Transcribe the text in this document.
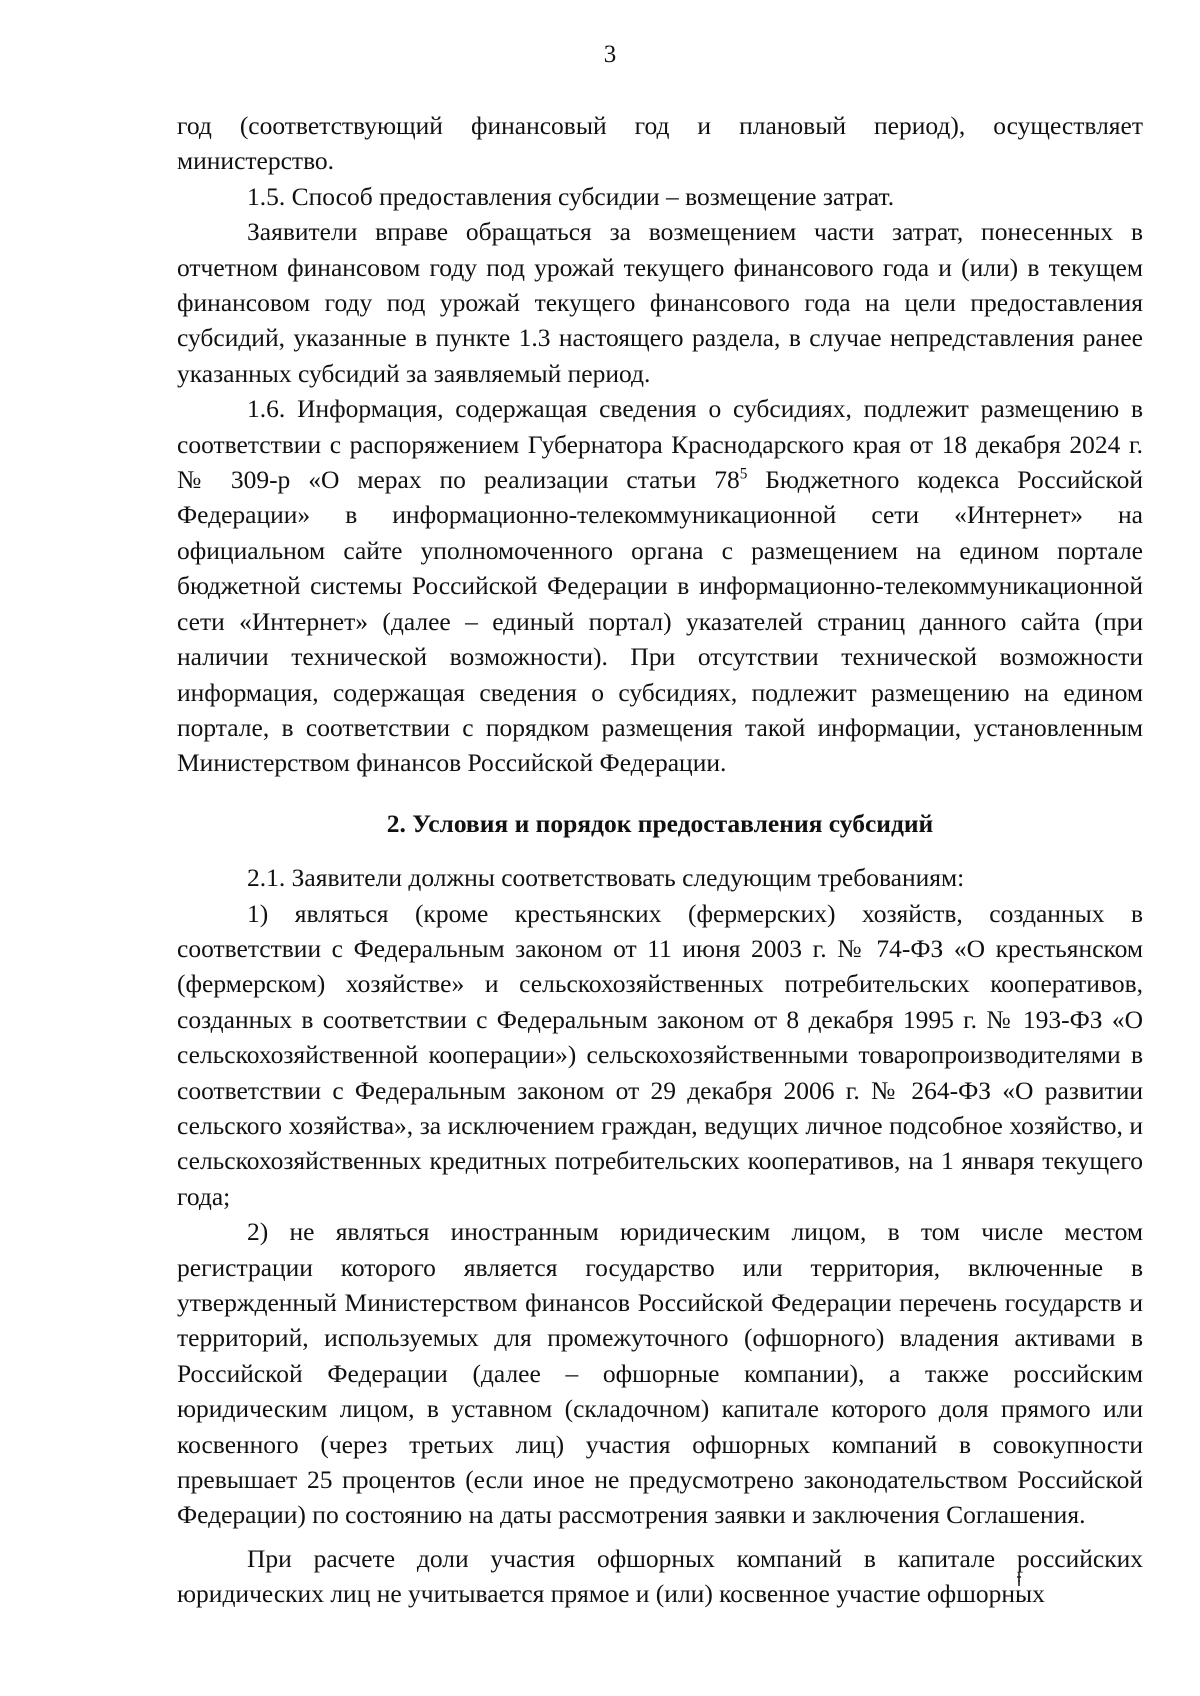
3

год (соответствующий финансовый год и плановый период), осуществляет министерство.

1.5. Способ предоставления субсидии – возмещение затрат.

Заявители вправе обращаться за возмещением части затрат, понесенных в отчетном финансовом году под урожай текущего финансового года и (или) в текущем финансовом году под урожай текущего финансового года на цели предоставления субсидий, указанные в пункте 1.3 настоящего раздела, в случае непредставления ранее указанных субсидий за заявляемый период.

1.6. Информация, содержащая сведения о субсидиях, подлежит размещению в соответствии с распоряжением Губернатора Краснодарского края от 18 декабря 2024 г. № 309-р «О мерах по реализации статьи $78^5$ Бюджетного кодекса Российской Федерации» в информационно-телекоммуникационной сети «Интернет» на официальном сайте уполномоченного органа с размещением на едином портале бюджетной системы Российской Федерации в информационно-телекоммуникационной сети «Интернет» (далее – единый портал) указателей страниц данного сайта (при наличии технической возможности). При отсутствии технической возможности информация, содержащая сведения о субсидиях, подлежит размещению на едином портале, в соответствии с порядком размещения такой информации, установленным Министерством финансов Российской Федерации.

2. Условия и порядок предоставления субсидий

2.1. Заявители должны соответствовать следующим требованиям:

1) являться (кроме крестьянских (фермерских) хозяйств, созданных в соответствии с Федеральным законом от 11 июня 2003 г. № 74-ФЗ «О крестьянском (фермерском) хозяйстве» и сельскохозяйственных потребительских кооперативов, созданных в соответствии с Федеральным законом от 8 декабря 1995 г. № 193-ФЗ «О сельскохозяйственной кооперации») сельскохозяйственными товаропроизводителями в соответствии с Федеральным законом от 29 декабря 2006 г. № 264-ФЗ «О развитии сельского хозяйства», за исключением граждан, ведущих личное подсобное хозяйство, и сельскохозяйственных кредитных потребительских кооперативов, на 1 января текущего года;

2) не являться иностранным юридическим лицом, в том числе местом регистрации которого является государство или территория, включенные в утвержденный Министерством финансов Российской Федерации перечень государств и территорий, используемых для промежуточного (офшорного) владения активами в Российской Федерации (далее – офшорные компании), а также российским юридическим лицом, в уставном (складочном) капитале которого доля прямого или косвенного (через третьих лиц) участия офшорных компаний в совокупности превышает 25 процентов (если иное не предусмотрено законодательством Российской Федерации) по состоянию на даты рассмотрения заявки и заключения Соглашения.

При расчете доли участия офшорных компаний в капитале российских юридических лиц не учитывается прямое и (или) косвенное участие офшорных
